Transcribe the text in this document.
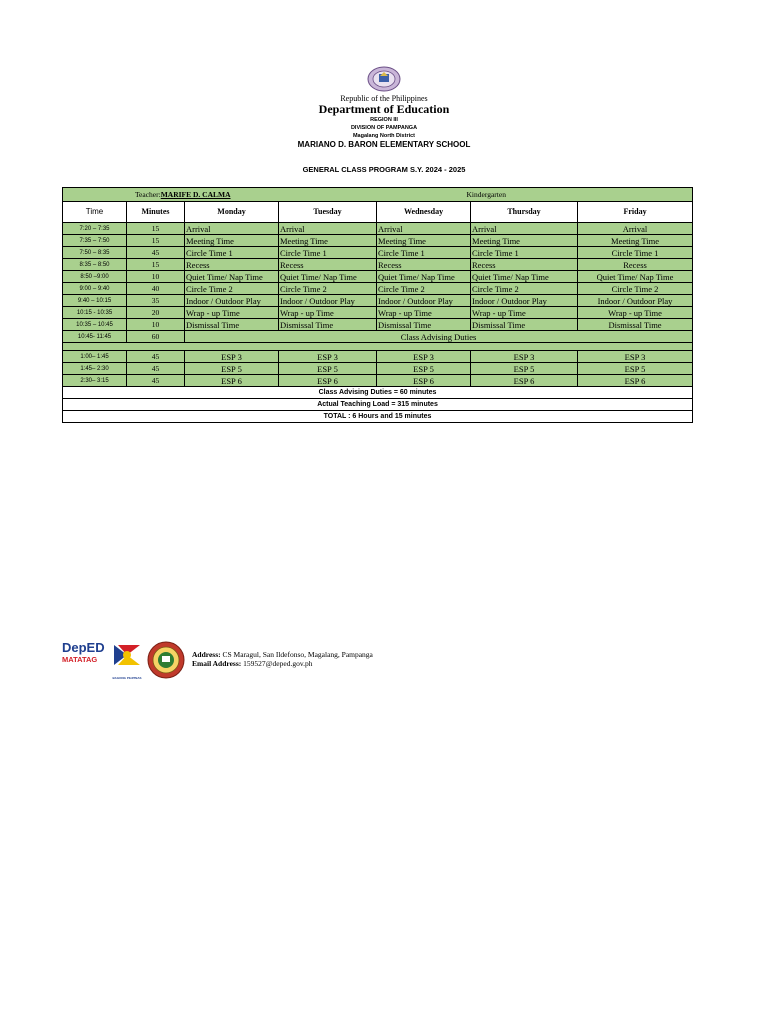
Republic of the Philippines
Department of Education
REGION III
DIVISION OF PAMPANGA
Magalang North District
MARIANO D. BARON ELEMENTARY SCHOOL
GENERAL CLASS PROGRAM S.Y. 2024 - 2025
Teacher:MARIFE D. CALMA				Kindergarten		
Time	Minutes	Monday	Tuesday	Wednesday	Thursday	Friday
7:20 – 7:35	15	Arrival	Arrival	Arrival	Arrival	Arrival
7:35 – 7:50	15	Meeting Time	Meeting Time	Meeting Time	Meeting Time	Meeting Time
7:50 – 8:35	45	Circle Time 1	Circle Time 1	Circle Time 1	Circle Time 1	Circle Time 1
8:35 – 8:50	15	Recess	Recess	Recess	Recess	Recess
8:50 –9:00	10	Quiet Time/ Nap Time	Quiet Time/ Nap Time	Quiet Time/ Nap Time	Quiet Time/ Nap Time	Quiet Time/ Nap Time
9:00 – 9:40	40	Circle Time 2	Circle Time 2	Circle Time 2	Circle Time 2	Circle Time 2
9:40 – 10:15	35	Indoor / Outdoor Play	Indoor / Outdoor Play	Indoor / Outdoor Play	Indoor / Outdoor Play	Indoor / Outdoor Play
10:15 - 10:35	20	Wrap - up Time	Wrap - up Time	Wrap - up Time	Wrap - up Time	Wrap - up Time
10:35 – 10:45	10	Dismissal Time	Dismissal Time	Dismissal Time	Dismissal Time	Dismissal Time
10:45- 11:45	60	Class Advising Duties				

1:00– 1:45	45	ESP 3	ESP 3	ESP 3	ESP 3	ESP 3
1:45– 2:30	45	ESP 5	ESP 5	ESP 5	ESP 5	ESP 5
2:30– 3:15	45	ESP 6	ESP 6	ESP 6	ESP 6	ESP 6
Class Advising Duties = 60 minutes						
Actual Teaching Load = 315 minutes						
TOTAL : 6 Hours and 15 minutes						
DepED
MATATAG
BAGONG PILIPINAS
Address: CS Maragul, San Ildefonso, Magalang, Pampanga
Email Address: 159527@deped.gov.ph
